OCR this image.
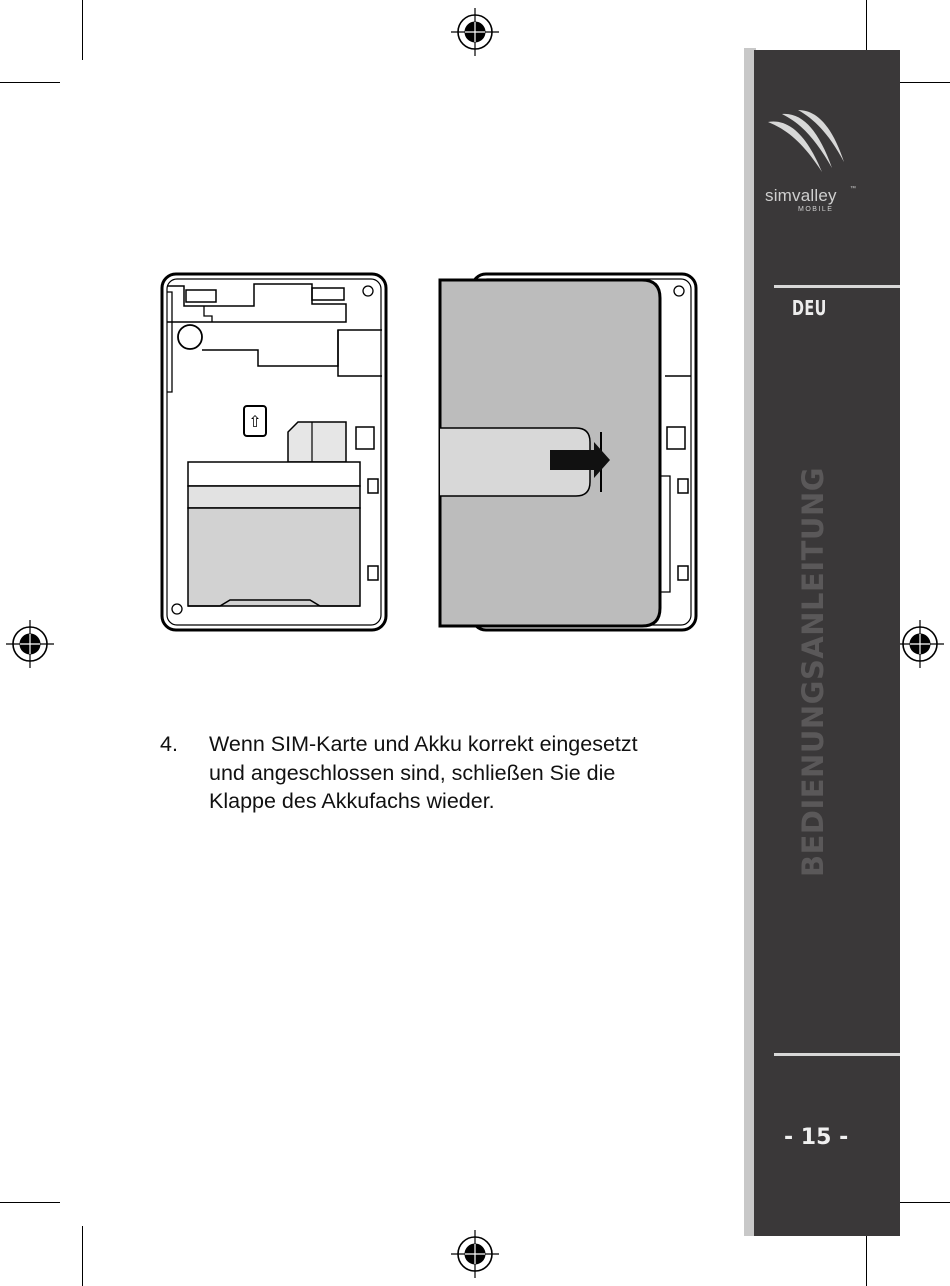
simvalley ™
MOBILE
DEU
BEDIENUNGSANLEITUNG
- 15 -
⇧
4. Wenn SIM-Karte und Akku korrekt eingesetzt und angeschlossen sind, schließen Sie die Klappe des Akkufachs wieder.
